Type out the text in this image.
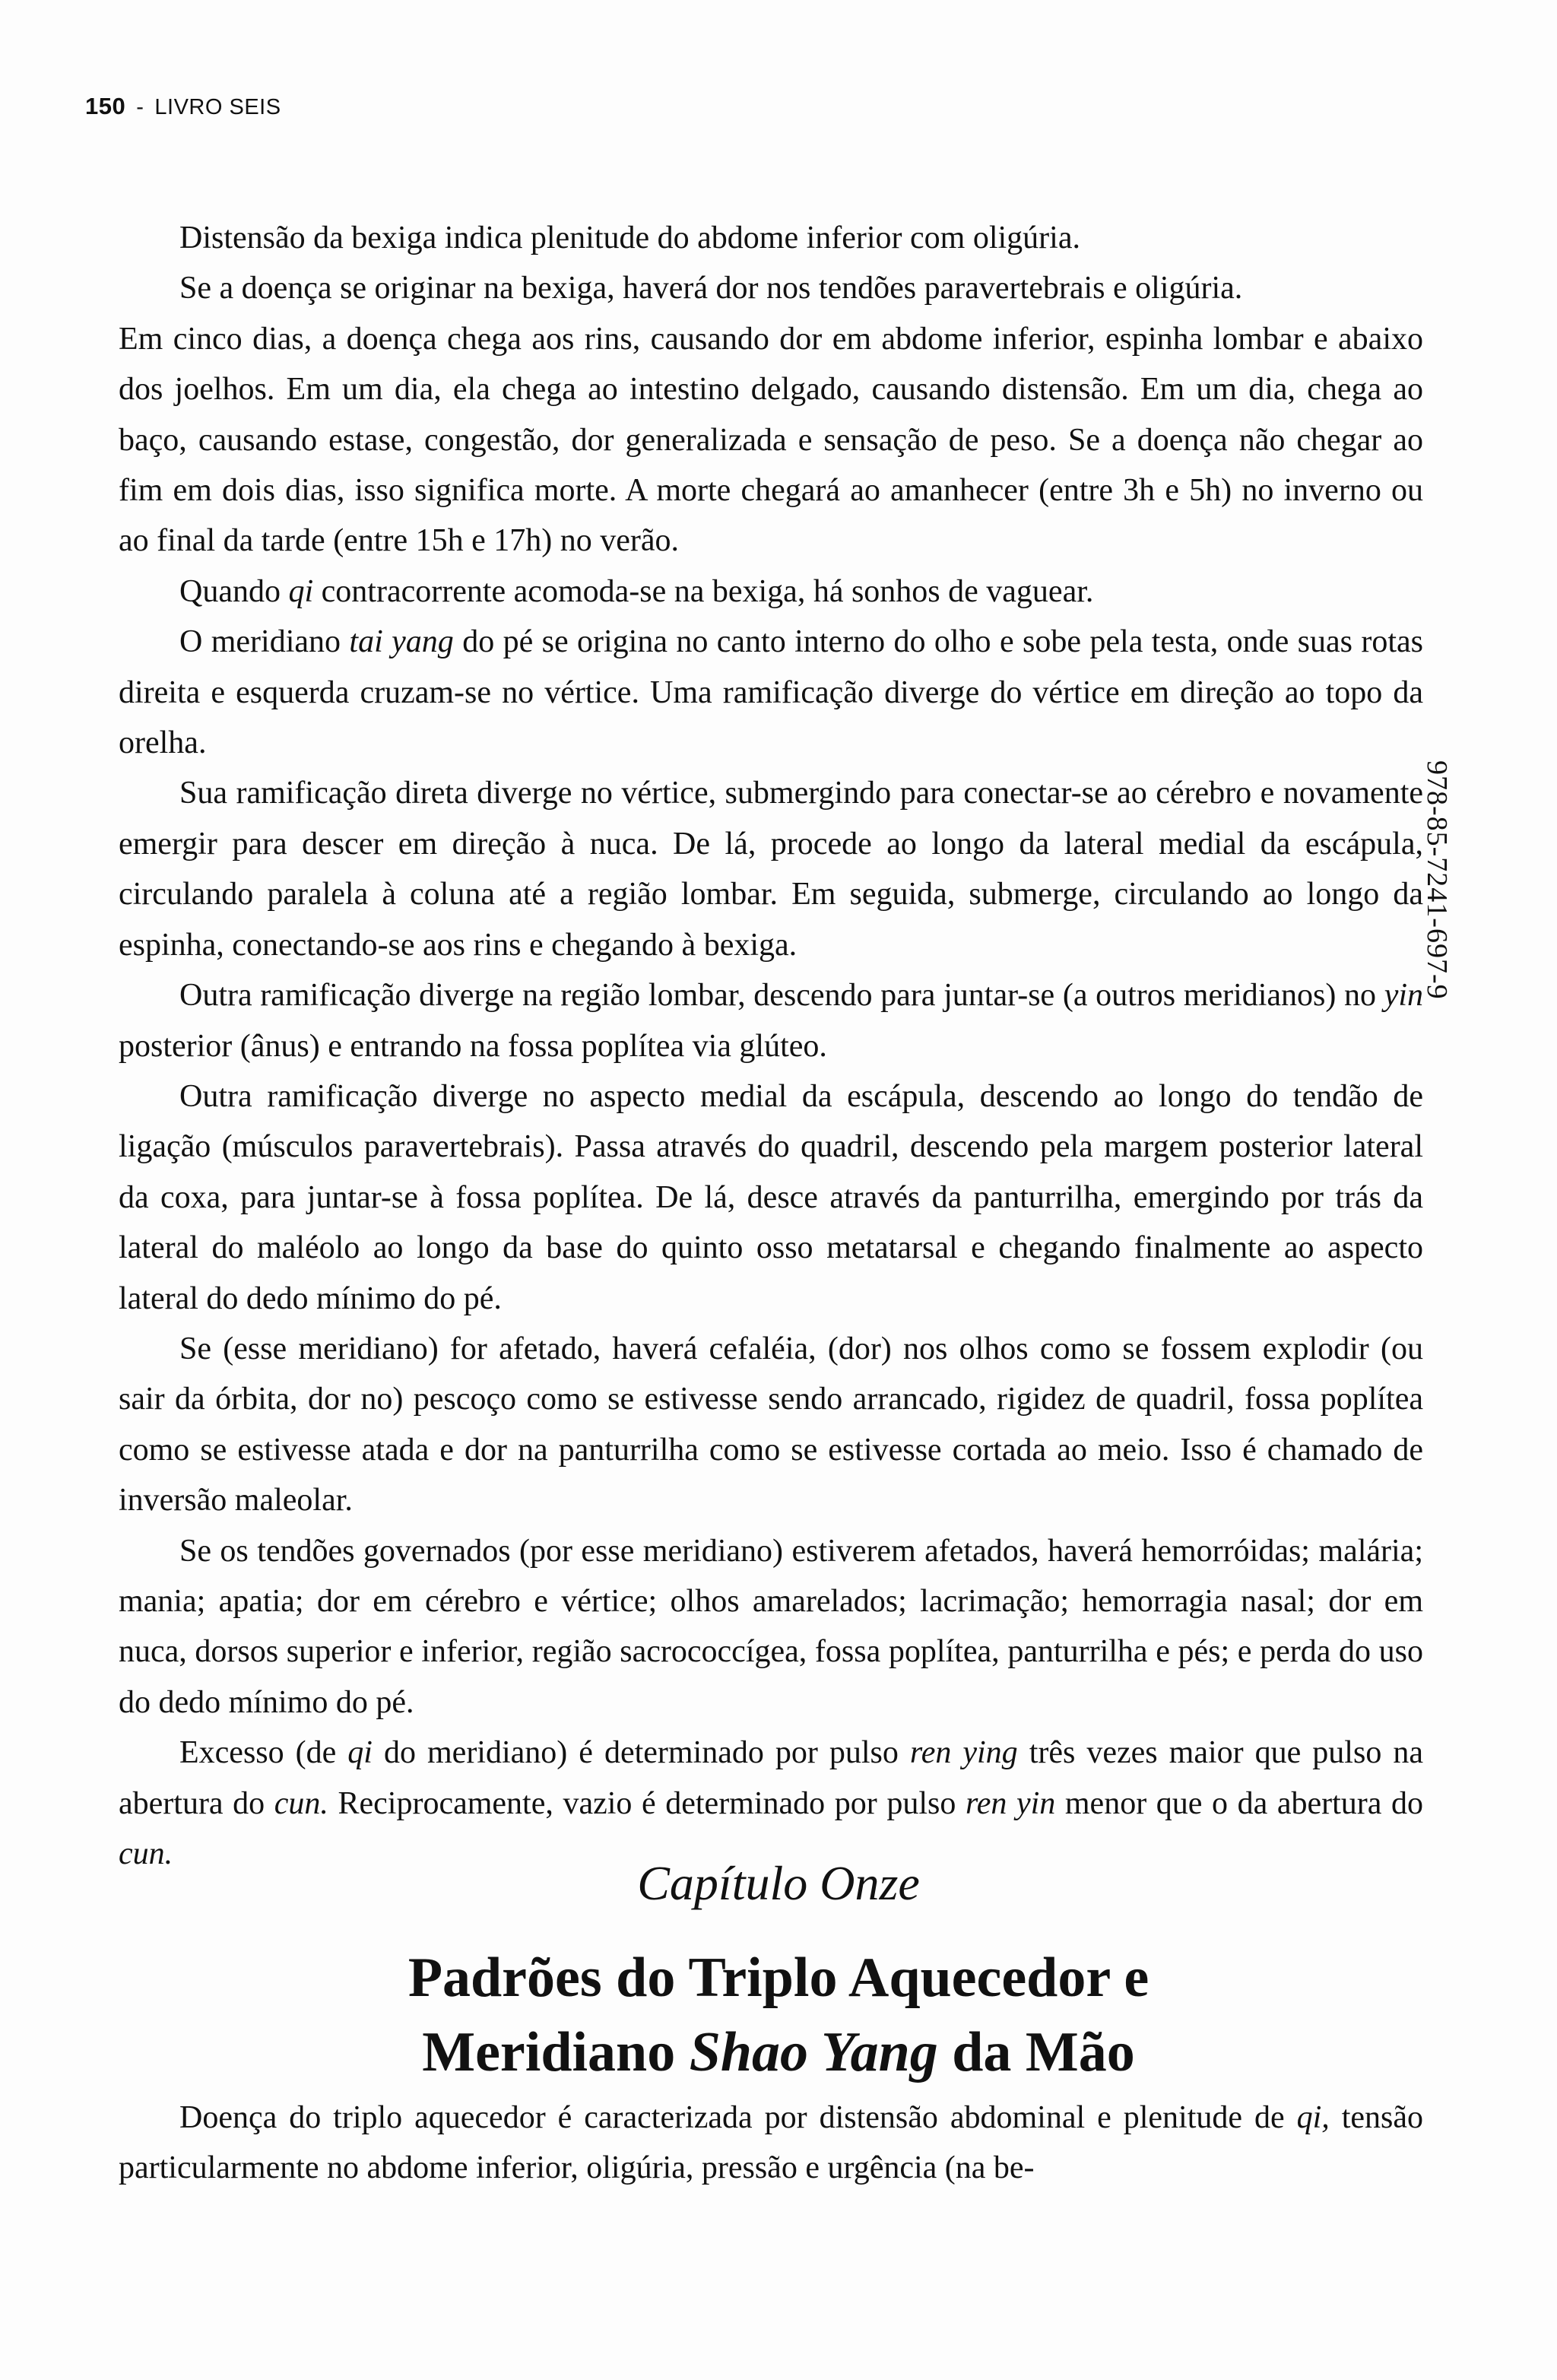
150 - LIVRO SEIS

Distensão da bexiga indica plenitude do abdome inferior com oligúria.

Se a doença se originar na bexiga, haverá dor nos tendões paravertebrais e oligúria.

Em cinco dias, a doença chega aos rins, causando dor em abdome inferior, espinha lombar e abaixo dos joelhos. Em um dia, ela chega ao intestino delgado, causando distensão. Em um dia, chega ao baço, causando estase, congestão, dor generalizada e sensação de peso. Se a doença não chegar ao fim em dois dias, isso significa morte. A morte chegará ao amanhecer (entre 3h e 5h) no inverno ou ao final da tarde (entre 15h e 17h) no verão.

Quando qi contracorrente acomoda-se na bexiga, há sonhos de vaguear.

O meridiano tai yang do pé se origina no canto interno do olho e sobe pela testa, onde suas rotas direita e esquerda cruzam-se no vértice. Uma ramificação diverge do vértice em direção ao topo da orelha.

Sua ramificação direta diverge no vértice, submergindo para conectar-se ao cérebro e novamente emergir para descer em direção à nuca. De lá, procede ao longo da lateral medial da escápula, circulando paralela à coluna até a região lombar. Em seguida, submerge, circulando ao longo da espinha, conectando-se aos rins e chegando à bexiga.

Outra ramificação diverge na região lombar, descendo para juntar-se (a outros meridianos) no yin posterior (ânus) e entrando na fossa poplítea via glúteo.

Outra ramificação diverge no aspecto medial da escápula, descendo ao longo do tendão de ligação (músculos paravertebrais). Passa através do quadril, descendo pela margem posterior lateral da coxa, para juntar-se à fossa poplítea. De lá, desce através da panturrilha, emergindo por trás da lateral do maléolo ao longo da base do quinto osso metatarsal e chegando finalmente ao aspecto lateral do dedo mínimo do pé.

Se (esse meridiano) for afetado, haverá cefaléia, (dor) nos olhos como se fossem explodir (ou sair da órbita, dor no) pescoço como se estivesse sendo arrancado, rigidez de quadril, fossa poplítea como se estivesse atada e dor na panturrilha como se estivesse cortada ao meio. Isso é chamado de inversão maleolar.

Se os tendões governados (por esse meridiano) estiverem afetados, haverá hemorróidas; malária; mania; apatia; dor em cérebro e vértice; olhos amarelados; lacrimação; hemorragia nasal; dor em nuca, dorsos superior e inferior, região sacrococcígea, fossa poplítea, panturrilha e pés; e perda do uso do dedo mínimo do pé.

Excesso (de qi do meridiano) é determinado por pulso ren ying três vezes maior que pulso na abertura do cun. Reciprocamente, vazio é determinado por pulso ren yin menor que o da abertura do cun.

978-85-7241-697-9
Capítulo Onze
Padrões do Triplo Aquecedor e
Meridiano Shao Yang da Mão

Doença do triplo aquecedor é caracterizada por distensão abdominal e plenitude de qi, tensão particularmente no abdome inferior, oligúria, pressão e urgência (na be-
